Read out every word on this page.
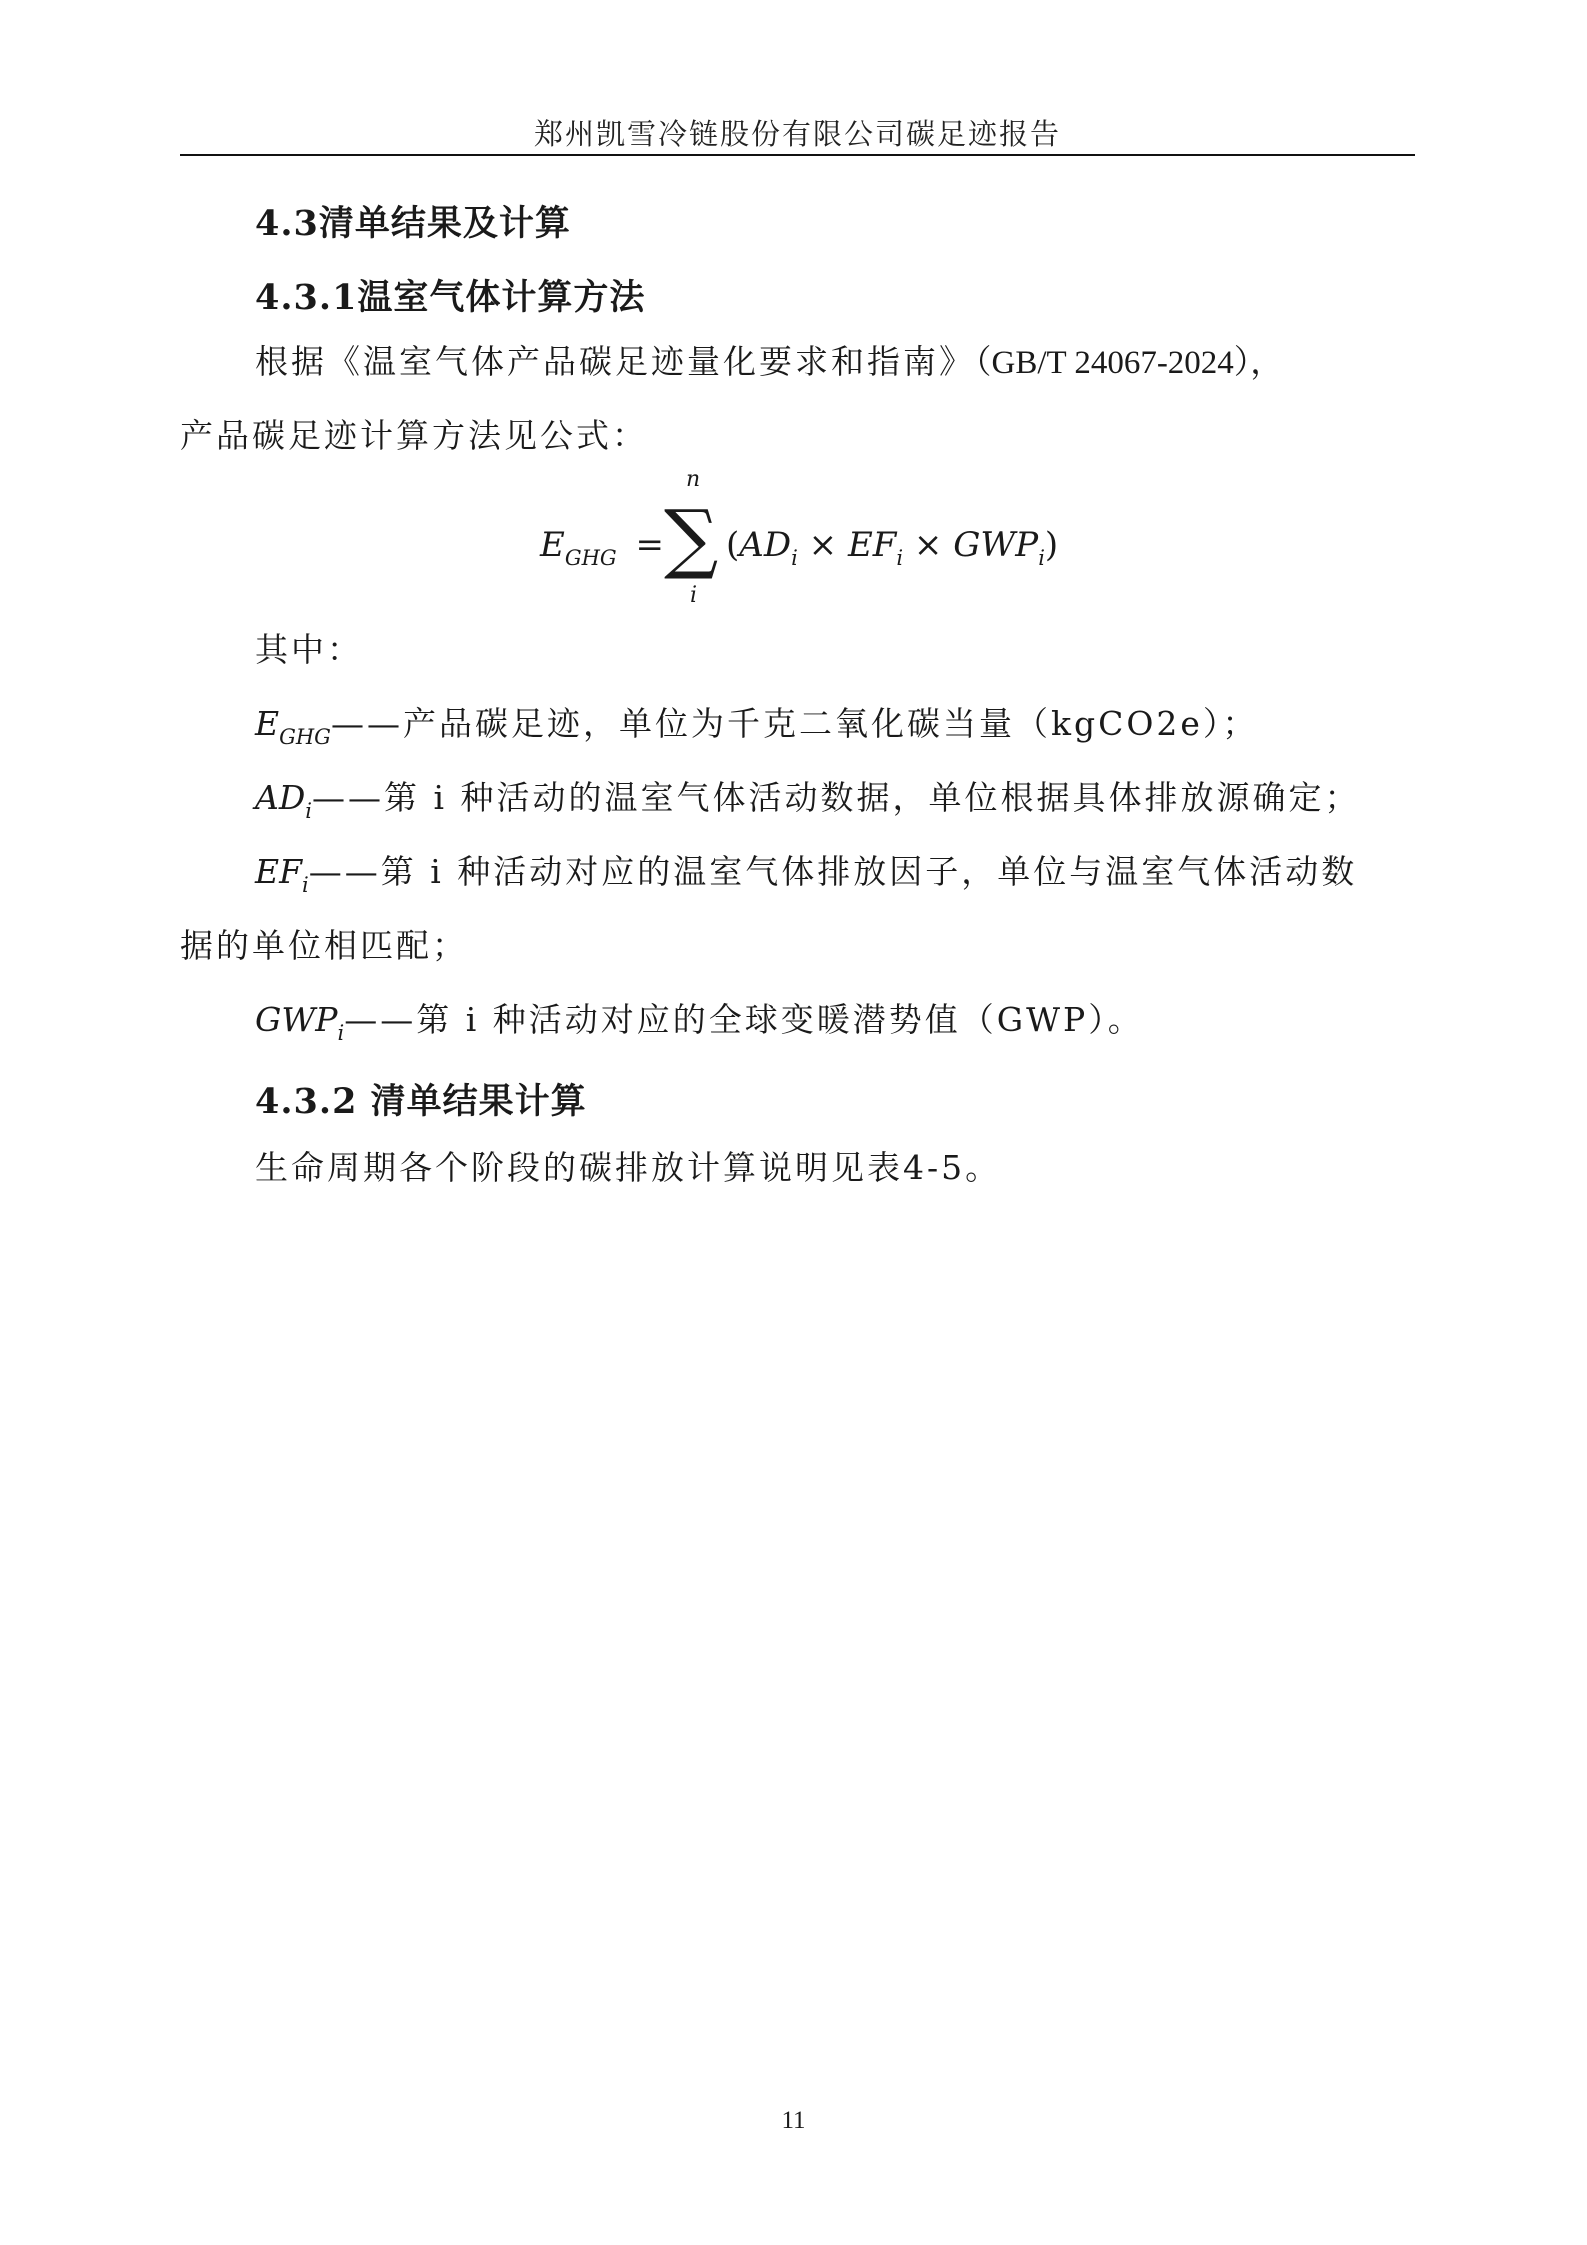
郑州凯雪冷链股份有限公司碳足迹报告
4.3清单结果及计算
4.3.1温室气体计算方法
根据《温室气体产品碳足迹量化要求和指南》（GB/T 24067-2024），
产品碳足迹计算方法见公式：
$E_{GHG}$ =
n
∑
i
$(AD_i \times EF_i \times GWP_i)$
其中：
$E_{GHG}——$产品碳足迹，单位为千克二氧化碳当量（kgCO2e）；
$AD_i——$第 i 种活动的温室气体活动数据，单位根据具体排放源确定；
$EF_i——$第 i 种活动对应的温室气体排放因子，单位与温室气体活动数
据的单位相匹配；
$GWP_i——$第 i 种活动对应的全球变暖潜势值（GWP）。
4.3.2 清单结果计算
生命周期各个阶段的碳排放计算说明见表4-5。
11
